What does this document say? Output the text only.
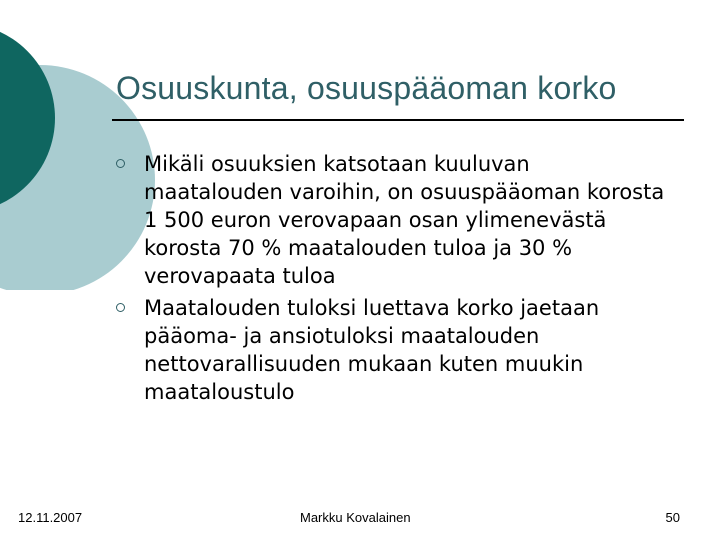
Osuuskunta, osuuspääoman korko
Mikäli osuuksien katsotaan kuuluvan maatalouden varoihin, on osuuspääoman korosta 1 500 euron verovapaan osan ylimenevästä korosta 70 % maatalouden tuloa ja 30 % verovapaata tuloa
Maatalouden tuloksi luettava korko jaetaan pääoma- ja ansiotuloksi maatalouden nettovarallisuuden mukaan kuten muukin maataloustulo
12.11.2007	Markku Kovalainen	50
